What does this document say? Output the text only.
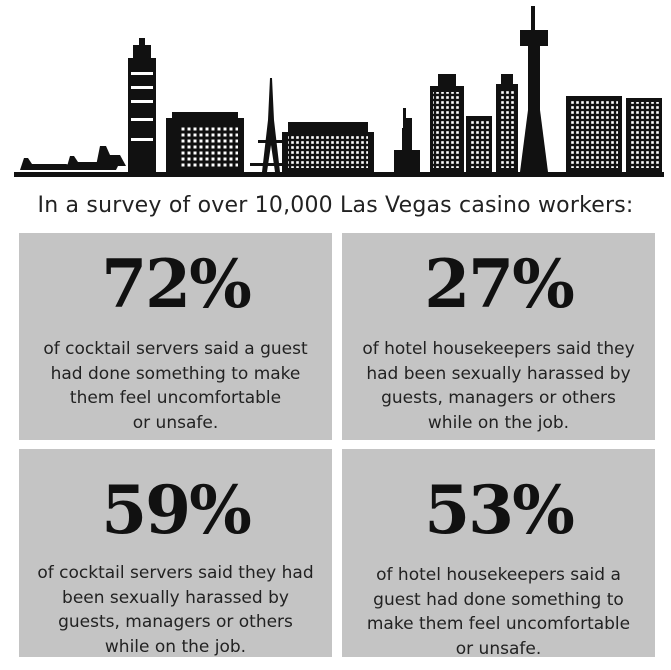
In a survey of over 10,000 Las Vegas casino workers:
72%
of cocktail servers said a guest
had done something to make
them feel uncomfortable
or unsafe.
27%
of hotel housekeepers said they
had been sexually harassed by
guests, managers or others
while on the job.
59%
of cocktail servers said they had
been sexually harassed by
guests, managers or others
while on the job.
53%
of hotel housekeepers said a
guest had done something to
make them feel uncomfortable
or unsafe.
